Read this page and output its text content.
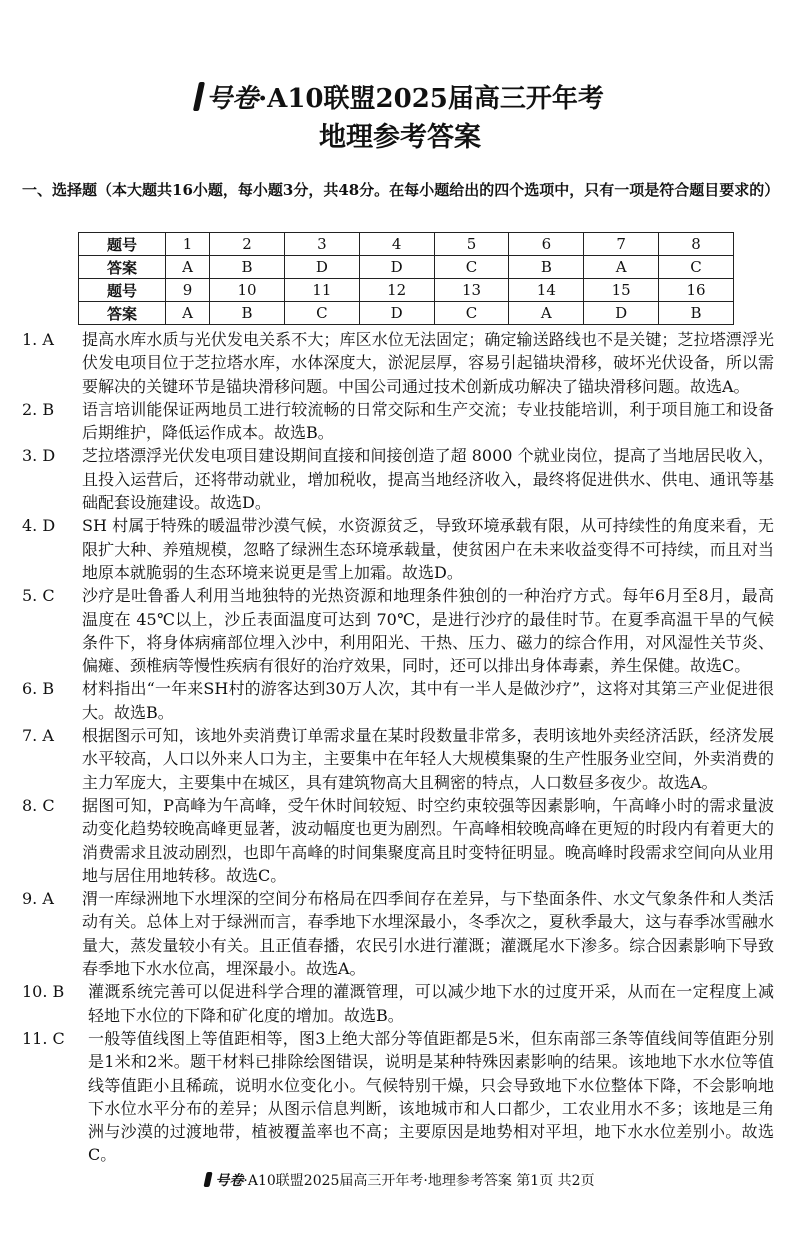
号卷·A10联盟2025届高三开年考
地理参考答案
一、选择题（本大题共16小题，每小题3分，共48分。在每小题给出的四个选项中，只有一项是符合题目要求的）
题号	1	2	3	4	5	6	7	8
答案	A	B	D	D	C	B	A	C
题号	9	10	11	12	13	14	15	16
答案	A	B	C	D	C	A	D	B
1. A	提高水库水质与光伏发电关系不大；库区水位无法固定；确定输送路线也不是关键；芝拉塔漂浮光伏发电项目位于芝拉塔水库，水体深度大，淤泥层厚，容易引起锚块滑移，破坏光伏设备，所以需要解决的关键环节是锚块滑移问题。中国公司通过技术创新成功解决了锚块滑移问题。故选A。
2. B	语言培训能保证两地员工进行较流畅的日常交际和生产交流；专业技能培训，利于项目施工和设备后期维护，降低运作成本。故选B。
3. D	芝拉塔漂浮光伏发电项目建设期间直接和间接创造了超 8000 个就业岗位，提高了当地居民收入，且投入运营后，还将带动就业，增加税收，提高当地经济收入，最终将促进供水、供电、通讯等基础配套设施建设。故选D。
4. D	SH 村属于特殊的暖温带沙漠气候，水资源贫乏，导致环境承载有限，从可持续性的角度来看，无限扩大种、养殖规模，忽略了绿洲生态环境承载量，使贫困户在未来收益变得不可持续，而且对当地原本就脆弱的生态环境来说更是雪上加霜。故选D。
5. C	沙疗是吐鲁番人利用当地独特的光热资源和地理条件独创的一种治疗方式。每年6月至8月，最高温度在 45℃以上，沙丘表面温度可达到 70℃，是进行沙疗的最佳时节。在夏季高温干旱的气候条件下，将身体病痛部位埋入沙中，利用阳光、干热、压力、磁力的综合作用，对风湿性关节炎、偏瘫、颈椎病等慢性疾病有很好的治疗效果，同时，还可以排出身体毒素，养生保健。故选C。
6. B	材料指出“一年来SH村的游客达到30万人次，其中有一半人是做沙疗”，这将对其第三产业促进很大。故选B。
7. A	根据图示可知，该地外卖消费订单需求量在某时段数量非常多，表明该地外卖经济活跃，经济发展水平较高，人口以外来人口为主，主要集中在年轻人大规模集聚的生产性服务业空间，外卖消费的主力军庞大，主要集中在城区，具有建筑物高大且稠密的特点，人口数昼多夜少。故选A。
8. C	据图可知，P高峰为午高峰，受午休时间较短、时空约束较强等因素影响，午高峰小时的需求量波动变化趋势较晚高峰更显著，波动幅度也更为剧烈。午高峰相较晚高峰在更短的时段内有着更大的消费需求且波动剧烈，也即午高峰的时间集聚度高且时变特征明显。晚高峰时段需求空间向从业用地与居住用地转移。故选C。
9. A	渭一库绿洲地下水埋深的空间分布格局在四季间存在差异，与下垫面条件、水文气象条件和人类活动有关。总体上对于绿洲而言，春季地下水埋深最小，冬季次之，夏秋季最大，这与春季冰雪融水量大，蒸发量较小有关。且正值春播，农民引水进行灌溉；灌溉尾水下渗多。综合因素影响下导致春季地下水水位高，埋深最小。故选A。
10. B	灌溉系统完善可以促进科学合理的灌溉管理，可以减少地下水的过度开采，从而在一定程度上减轻地下水位的下降和矿化度的增加。故选B。
11. C	一般等值线图上等值距相等，图3上绝大部分等值距都是5米，但东南部三条等值线间等值距分别是1米和2米。题干材料已排除绘图错误，说明是某种特殊因素影响的结果。该地地下水水位等值线等值距小且稀疏，说明水位变化小。气候特别干燥，只会导致地下水位整体下降，不会影响地下水位水平分布的差异；从图示信息判断，该地城市和人口都少，工农业用水不多；该地是三角洲与沙漠的过渡地带，植被覆盖率也不高；主要原因是地势相对平坦，地下水水位差别小。故选C。
号卷·A10联盟2025届高三开年考·地理参考答案 第1页 共2页
